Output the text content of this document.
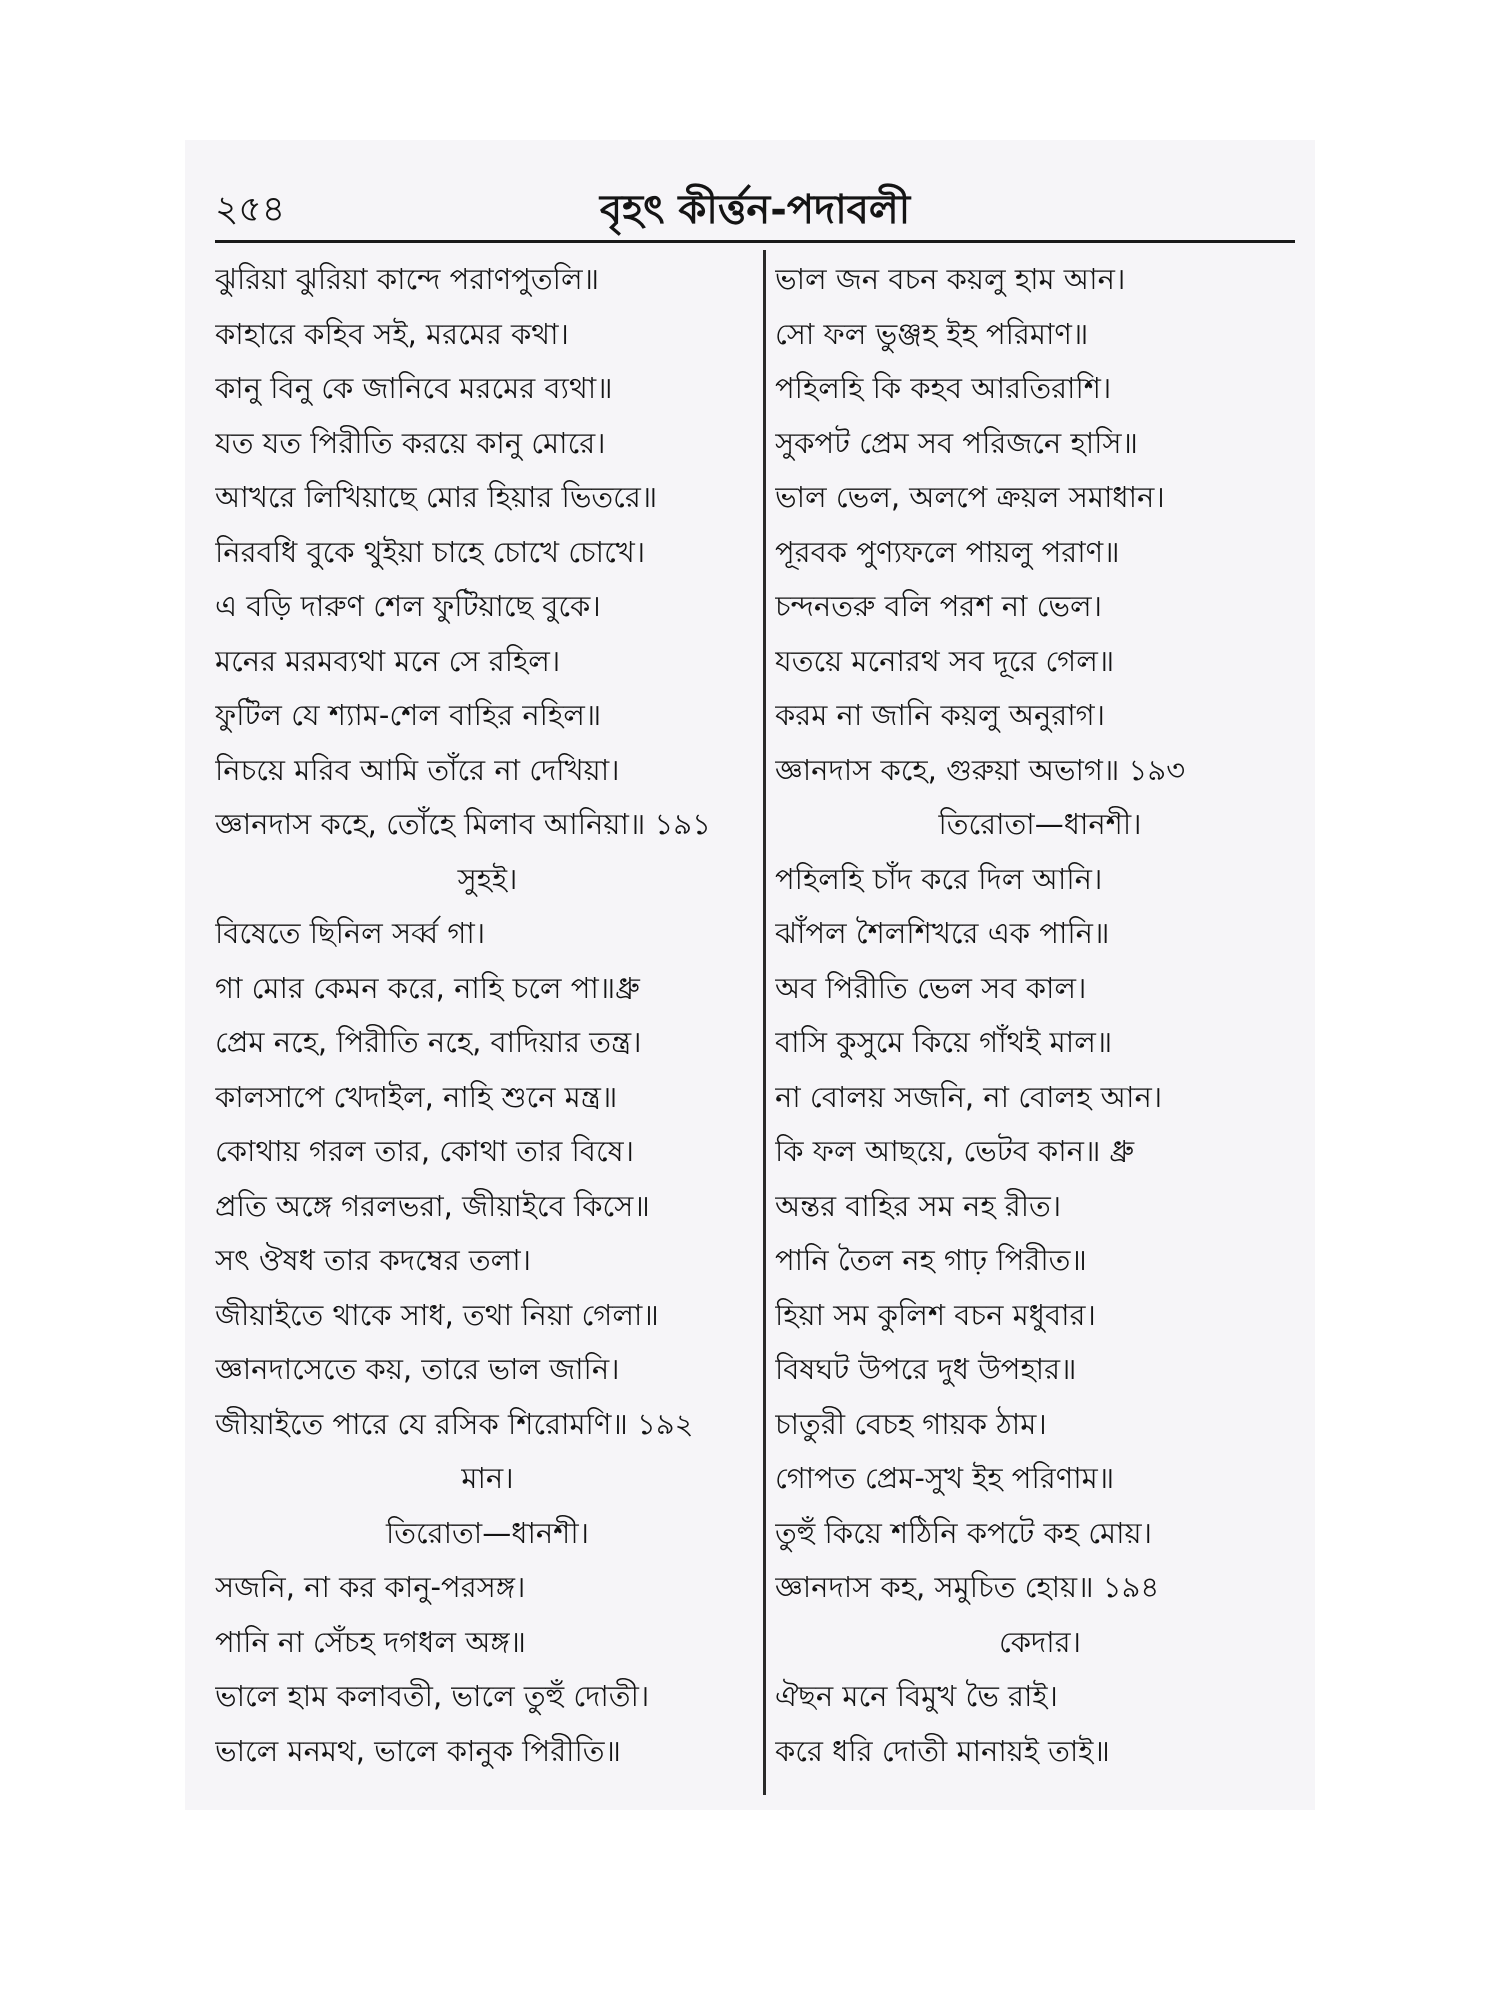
২৫৪	বৃহৎ কীর্ত্তন-পদাবলী
ঝুরিয়া ঝুরিয়া কান্দে পরাণপুতলি॥
কাহারে কহিব সই, মরমের কথা।
কানু বিনু কে জানিবে মরমের ব্যথা॥
যত যত পিরীতি করয়ে কানু মোরে।
আখরে লিখিয়াছে মোর হিয়ার ভিতরে॥
নিরবধি বুকে থুইয়া চাহে চোখে চোখে।
এ বড়ি দারুণ শেল ফুটিয়াছে বুকে।
মনের মরমব্যথা মনে সে রহিল।
ফুটিল যে শ্যাম-শেল বাহির নহিল॥
নিচয়ে মরিব আমি তাঁরে না দেখিয়া।
জ্ঞানদাস কহে, তোঁহে মিলাব আনিয়া॥ ১৯১
সুহই।
বিষেতে ছিনিল সর্ব্ব গা।
গা মোর কেমন করে, নাহি চলে পা॥ধ্রু
প্রেম নহে, পিরীতি নহে, বাদিয়ার তন্ত্র।
কালসাপে খেদাইল, নাহি শুনে মন্ত্র॥
কোথায় গরল তার, কোথা তার বিষে।
প্রতি অঙ্গে গরলভরা, জীয়াইবে কিসে॥
সৎ ঔষধ তার কদম্বের তলা।
জীয়াইতে থাকে সাধ, তথা নিয়া গেলা॥
জ্ঞানদাসেতে কয়, তারে ভাল জানি।
জীয়াইতে পারে যে রসিক শিরোমণি॥ ১৯২
মান।
তিরোতা—ধানশী।
সজনি, না কর কানু-পরসঙ্গ।
পানি না সেঁচহ দগধল অঙ্গ॥
ভালে হাম কলাবতী, ভালে তুহুঁ দোতী।
ভালে মনমথ, ভালে কানুক পিরীতি॥
ভাল জন বচন কয়লু হাম আন।
সো ফল ভুঞ্জহ ইহ পরিমাণ॥
পহিলহি কি কহব আরতিরাশি।
সুকপট প্রেম সব পরিজনে হাসি॥
ভাল ভেল, অলপে ক্রয়ল সমাধান।
পূরবক পুণ্যফলে পায়লু পরাণ॥
চন্দনতরু বলি পরশ না ভেল।
যতয়ে মনোরথ সব দূরে গেল॥
করম না জানি কয়লু অনুরাগ।
জ্ঞানদাস কহে, গুরুয়া অভাগ॥ ১৯৩
তিরোতা—ধানশী।
পহিলহি চাঁদ করে দিল আনি।
ঝাঁপল শৈলশিখরে এক পানি॥
অব পিরীতি ভেল সব কাল।
বাসি কুসুমে কিয়ে গাঁথই মাল॥
না বোলয় সজনি, না বোলহ আন।
কি ফল আছয়ে, ভেটব কান॥ ধ্রু
অন্তর বাহির সম নহ রীত।
পানি তৈল নহ গাঢ় পিরীত॥
হিয়া সম কুলিশ বচন মধুবার।
বিষঘট উপরে দুধ উপহার॥
চাতুরী বেচহ গায়ক ঠাম।
গোপত প্রেম-সুখ ইহ পরিণাম॥
তুহুঁ কিয়ে শঠিনি কপটে কহ মোয়।
জ্ঞানদাস কহ, সমুচিত হোয়॥ ১৯৪
কেদার।
ঐছন মনে বিমুখ ভৈ রাই।
করে ধরি দোতী মানায়ই তাই॥
